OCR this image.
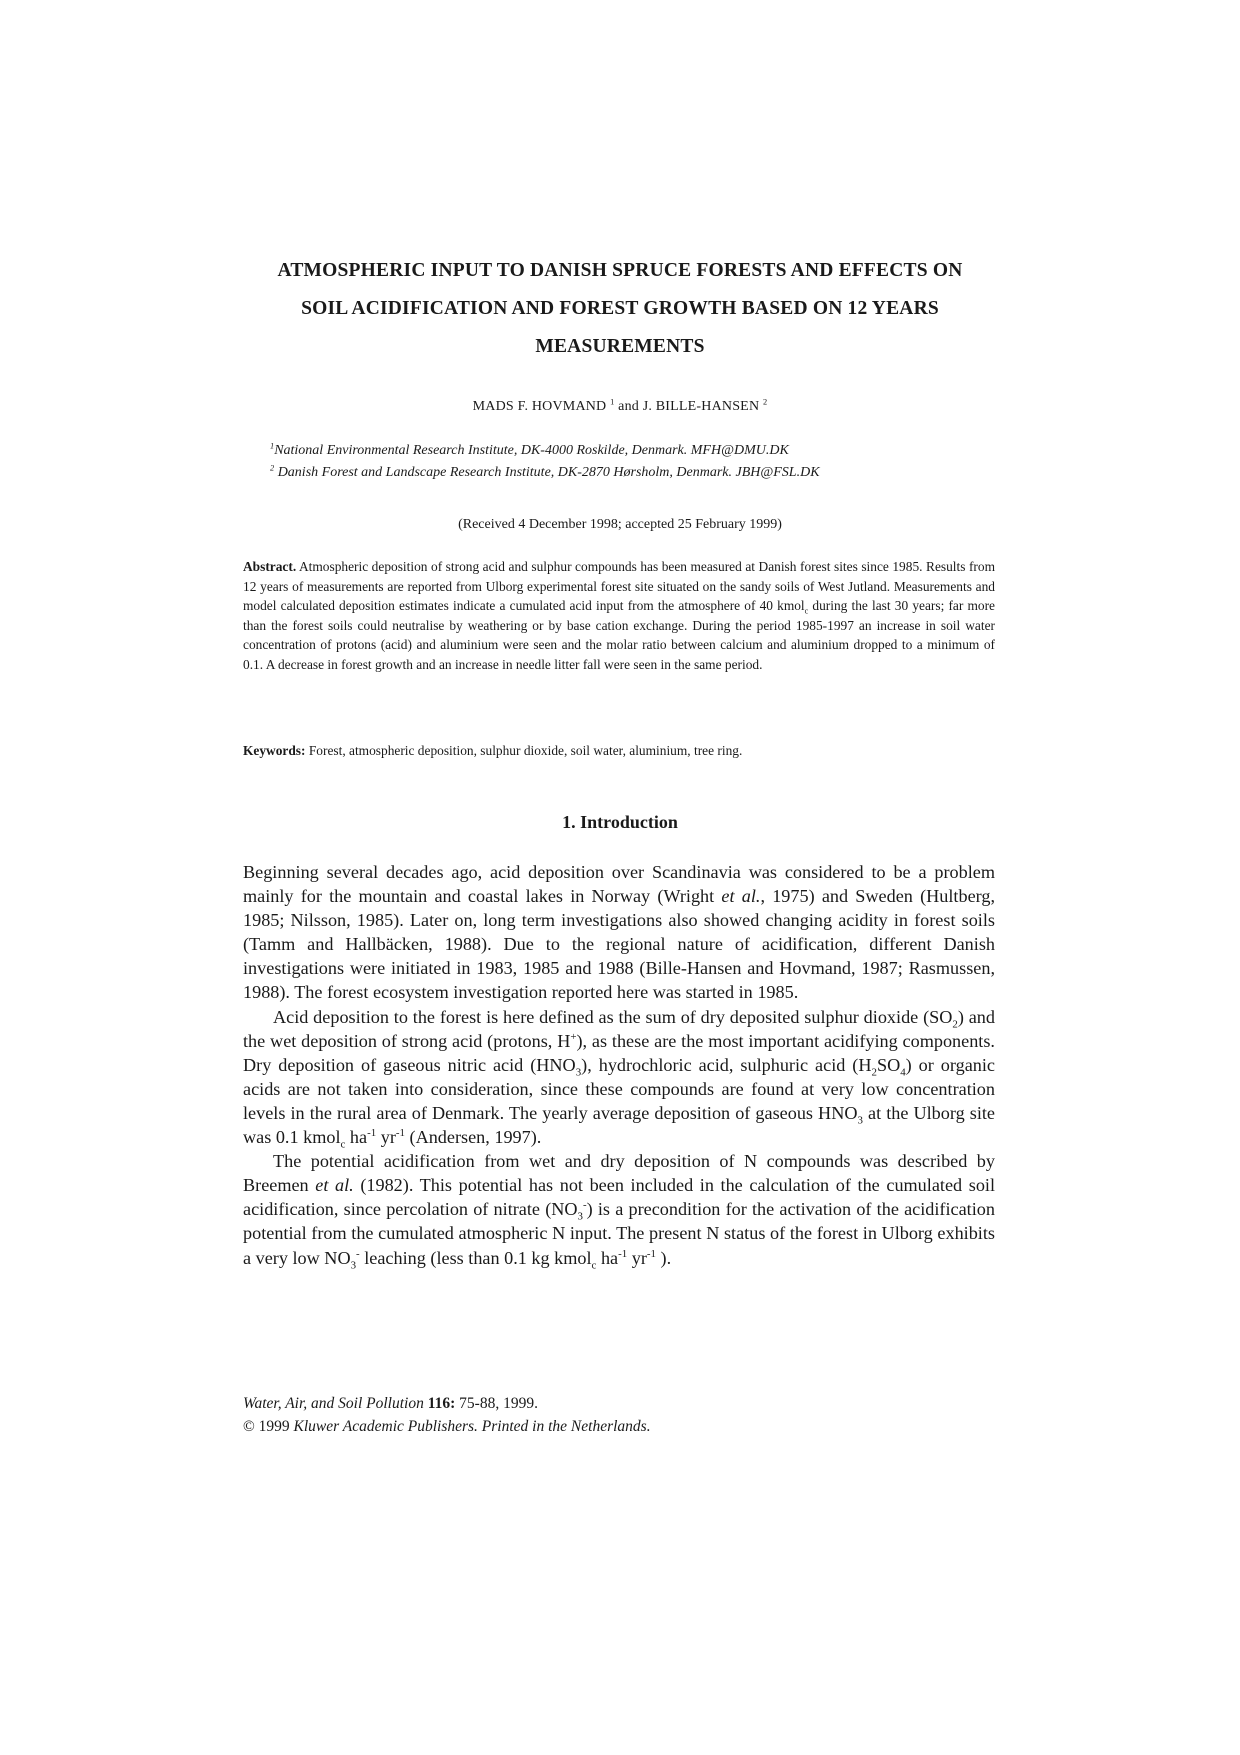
ATMOSPHERIC INPUT TO DANISH SPRUCE FORESTS AND EFFECTS ON
SOIL ACIDIFICATION AND FOREST GROWTH BASED ON 12 YEARS
MEASUREMENTS
MADS F. HOVMAND $^1$ and J. BILLE-HANSEN $^2$
$^1$National Environmental Research Institute, DK-4000 Roskilde, Denmark. MFH@DMU.DK
$^2$ Danish Forest and Landscape Research Institute, DK-2870 Hørsholm, Denmark. JBH@FSL.DK
(Received 4 December 1998; accepted 25 February 1999)
Abstract. Atmospheric deposition of strong acid and sulphur compounds has been measured at Danish forest sites since 1985. Results from 12 years of measurements are reported from Ulborg experimental forest site situated on the sandy soils of West Jutland. Measurements and model calculated deposition estimates indicate a cumulated acid input from the atmosphere of 40 kmol$_c$ during the last 30 years; far more than the forest soils could neutralise by weathering or by base cation exchange. During the period 1985-1997 an increase in soil water concentration of protons (acid) and aluminium were seen and the molar ratio between calcium and aluminium dropped to a minimum of 0.1. A decrease in forest growth and an increase in needle litter fall were seen in the same period.
Keywords: Forest, atmospheric deposition, sulphur dioxide, soil water, aluminium, tree ring.
1. Introduction

Beginning several decades ago, acid deposition over Scandinavia was considered to be a problem mainly for the mountain and coastal lakes in Norway (Wright et al., 1975) and Sweden (Hultberg, 1985; Nilsson, 1985). Later on, long term investigations also showed changing acidity in forest soils (Tamm and Hallbäcken, 1988). Due to the regional nature of acidification, different Danish investigations were initiated in 1983, 1985 and 1988 (Bille-Hansen and Hovmand, 1987; Rasmussen, 1988). The forest ecosystem investigation reported here was started in 1985.

Acid deposition to the forest is here defined as the sum of dry deposited sulphur dioxide $(SO_2)$ and the wet deposition of strong acid (protons, H+), as these are the most important acidifying components. Dry deposition of gaseous nitric acid $(HNO_3)$, hydrochloric acid, sulphuric acid $(H_2SO_4)$ or organic acids are not taken into consideration, since these compounds are found at very low concentration levels in the rural area of Denmark. The yearly average deposition of gaseous $HNO_3$ at the Ulborg site was 0.1 kmol$_c$ $ha^{-1}$ $yr^{-1}$ (Andersen, 1997).

The potential acidification from wet and dry deposition of N compounds was described by Breemen et al. (1982). This potential has not been included in the calculation of the cumulated soil acidification, since percolation of nitrate $(NO_3^-)$ is a precondition for the activation of the acidification potential from the cumulated atmospheric N input. The present N status of the forest in Ulborg exhibits a very low $NO_3^-$ leaching (less than 0.1 kg kmol$_c$ $ha^{-1}$ $yr^{-1}$ ).

Water, Air, and Soil Pollution 116: 75-88, 1999.
© 1999 Kluwer Academic Publishers. Printed in the Netherlands.
